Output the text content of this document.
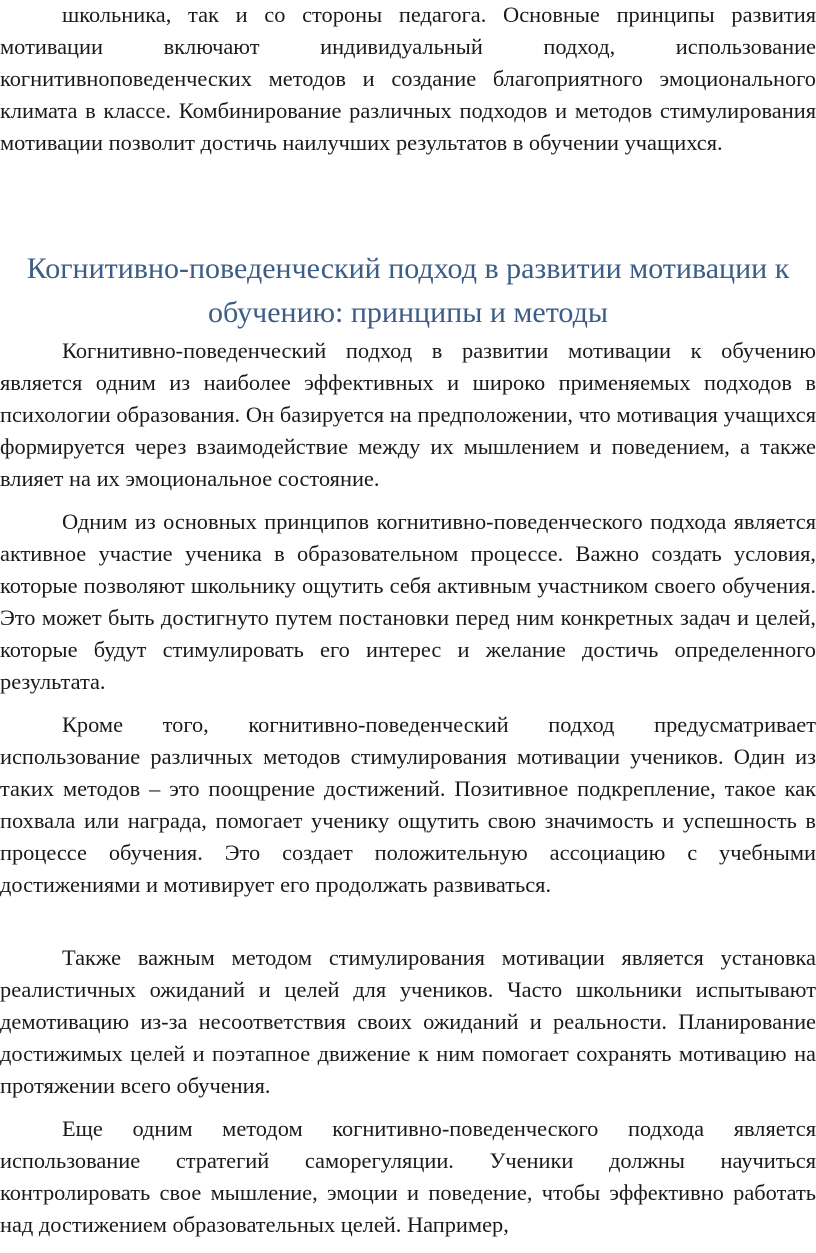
школьника, так и со стороны педагога. Основные принципы развития мотивации включают индивидуальный подход, использование когнитивноповеденческих методов и создание благоприятного эмоционального климата в классе. Комбинирование различных подходов и методов стимулирования мотивации позволит достичь наилучших результатов в обучении учащихся.

Когнитивно-поведенческий подход в развитии мотивации к обучению: принципы и методы

Когнитивно-поведенческий подход в развитии мотивации к обучению является одним из наиболее эффективных и широко применяемых подходов в психологии образования. Он базируется на предположении, что мотивация учащихся формируется через взаимодействие между их мышлением и поведением, а также влияет на их эмоциональное состояние.

Одним из основных принципов когнитивно-поведенческого подхода является активное участие ученика в образовательном процессе. Важно создать условия, которые позволяют школьнику ощутить себя активным участником своего обучения. Это может быть достигнуто путем постановки перед ним конкретных задач и целей, которые будут стимулировать его интерес и желание достичь определенного результата.

Кроме того, когнитивно-поведенческий подход предусматривает использование различных методов стимулирования мотивации учеников. Один из таких методов – это поощрение достижений. Позитивное подкрепление, такое как похвала или награда, помогает ученику ощутить свою значимость и успешность в процессе обучения. Это создает положительную ассоциацию с учебными достижениями и мотивирует его продолжать развиваться.

Также важным методом стимулирования мотивации является установка реалистичных ожиданий и целей для учеников. Часто школьники испытывают демотивацию из-за несоответствия своих ожиданий и реальности. Планирование достижимых целей и поэтапное движение к ним помогает сохранять мотивацию на протяжении всего обучения.

Еще одним методом когнитивно-поведенческого подхода является использование стратегий саморегуляции. Ученики должны научиться контролировать свое мышление, эмоции и поведение, чтобы эффективно работать над достижением образовательных целей. Например,
